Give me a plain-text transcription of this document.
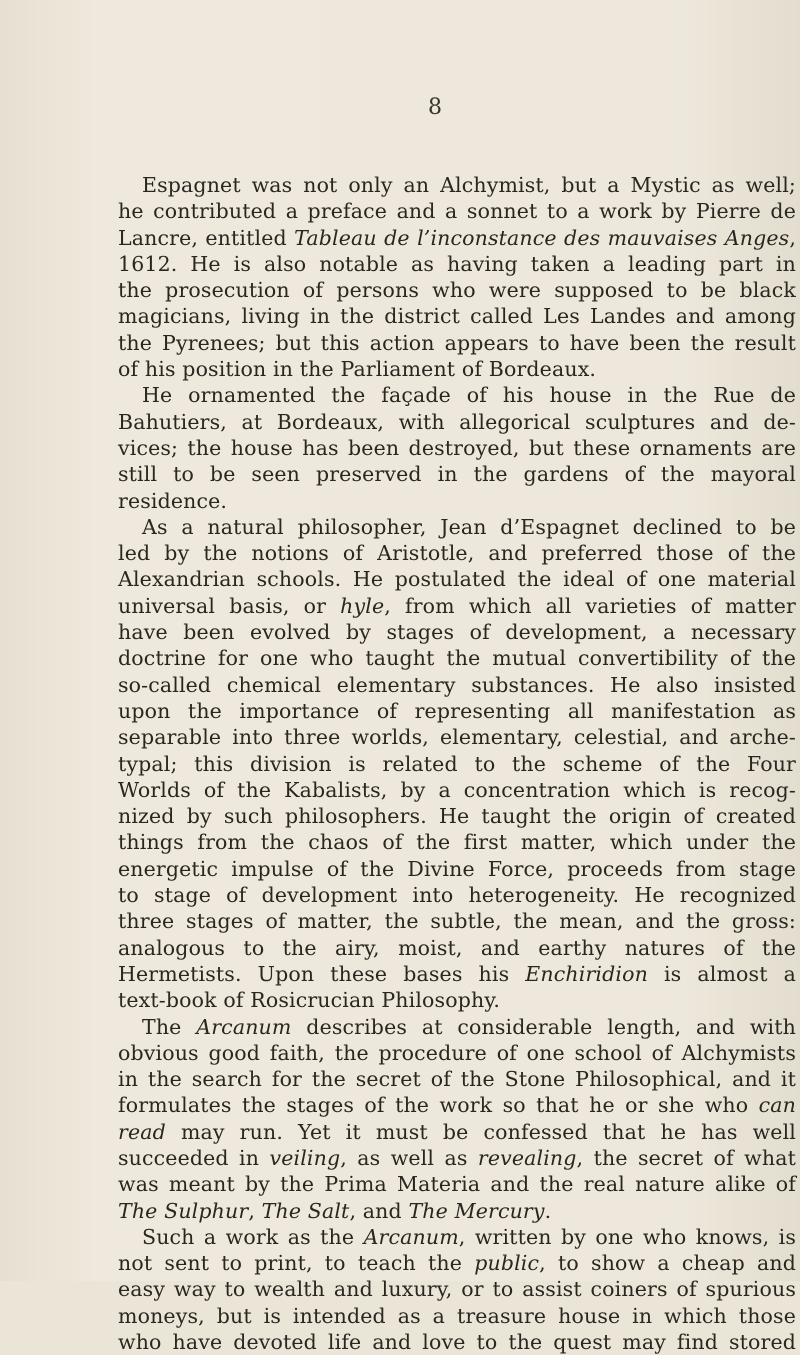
8
Espagnet was not only an Alchymist, but a Mystic as well;
he contributed a preface and a sonnet to a work by Pierre de
Lancre, entitled Tableau de l’inconstance des mauvaises Anges,
1612. He is also notable as having taken a leading part in
the prosecution of persons who were supposed to be black
magicians, living in the district called Les Landes and among
the Pyrenees; but this action appears to have been the result
of his position in the Parliament of Bordeaux.
He ornamented the façade of his house in the Rue de
Bahutiers, at Bordeaux, with allegorical sculptures and de-
vices; the house has been destroyed, but these ornaments are
still to be seen preserved in the gardens of the mayoral
residence.
As a natural philosopher, Jean d’Espagnet declined to be
led by the notions of Aristotle, and preferred those of the
Alexandrian schools. He postulated the ideal of one material
universal basis, or hyle, from which all varieties of matter
have been evolved by stages of development, a necessary
doctrine for one who taught the mutual convertibility of the
so-called chemical elementary substances. He also insisted
upon the importance of representing all manifestation as
separable into three worlds, elementary, celestial, and arche-
typal; this division is related to the scheme of the Four
Worlds of the Kabalists, by a concentration which is recog-
nized by such philosophers. He taught the origin of created
things from the chaos of the first matter, which under the
energetic impulse of the Divine Force, proceeds from stage
to stage of development into heterogeneity. He recognized
three stages of matter, the subtle, the mean, and the gross:
analogous to the airy, moist, and earthy natures of the
Hermetists. Upon these bases his Enchiridion is almost a
text-book of Rosicrucian Philosophy.
The Arcanum describes at considerable length, and with
obvious good faith, the procedure of one school of Alchymists
in the search for the secret of the Stone Philosophical, and it
formulates the stages of the work so that he or she who can
read may run. Yet it must be confessed that he has well
succeeded in veiling, as well as revealing, the secret of what
was meant by the Prima Materia and the real nature alike of
The Sulphur, The Salt, and The Mercury.
Such a work as the Arcanum, written by one who knows, is
not sent to print, to teach the public, to show a cheap and
easy way to wealth and luxury, or to assist coiners of spurious
moneys, but is intended as a treasure house in which those
who have devoted life and love to the quest may find stored
